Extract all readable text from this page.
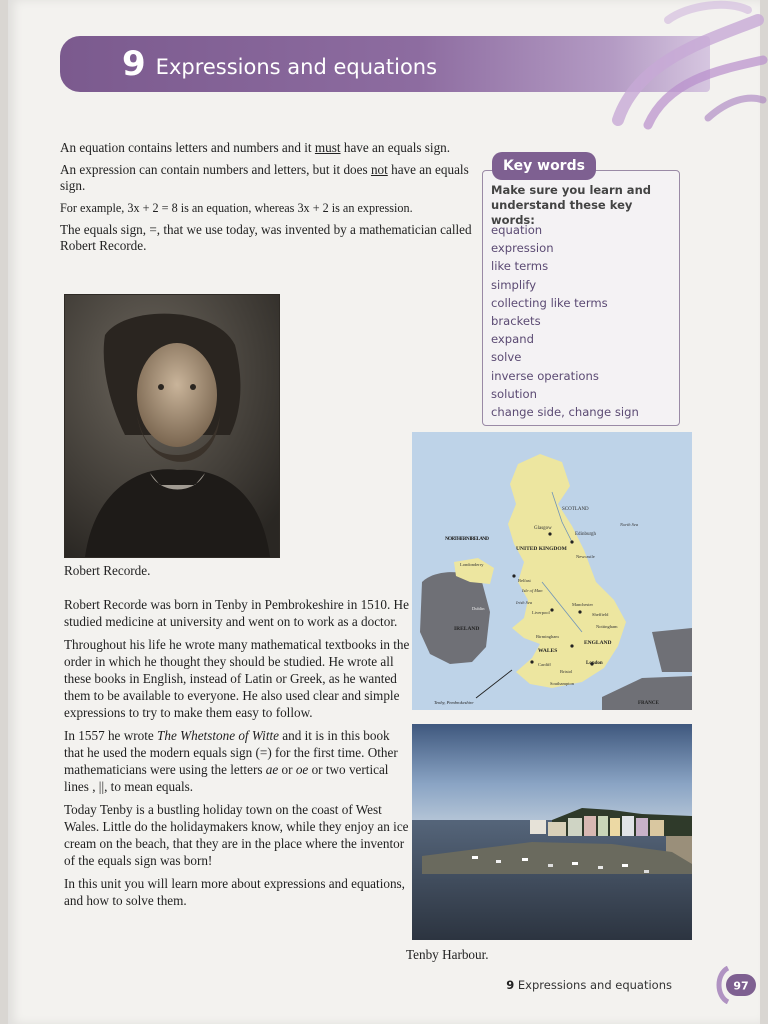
9 Expressions and equations

An equation contains letters and numbers and it must have an equals sign.

An expression can contain numbers and letters, but it does not have an equals sign.

For example, 3x + 2 = 8 is an equation, whereas 3x + 2 is an expression.

The equals sign, =, that we use today, was invented by a mathematician called Robert Recorde.

Make sure you learn and understand these key words:
equation
expression
like terms
simplify
collecting like terms
brackets
expand
solve
inverse operations
solution
change side, change sign
Key words
Robert Recorde.

Robert Recorde was born in Tenby in Pembrokeshire in 1510. He studied medicine at university and went on to work as a doctor.

Throughout his life he wrote many mathematical textbooks in the order in which he thought they should be studied. He wrote all these books in English, instead of Latin or Greek, as he wanted them to be available to everyone. He also used clear and simple expressions to try to make them easy to follow.

In 1557 he wrote The Whetstone of Witte and it is in this book that he used the modern equals sign (=) for the first time. Other mathematicians were using the letters ae or oe or two vertical lines , ||, to mean equals.

Today Tenby is a bustling holiday town on the coast of West Wales. Little do the holidaymakers know, while they enjoy an ice cream on the beach, that they are in the place where the inventor of the equals sign was born!

In this unit you will learn more about expressions and equations, and how to solve them.

SCOTLAND
Edinburgh
Glasgow
Newcastle
North Sea
NORTHERN IRELAND
UNITED KINGDOM
Londonderry
Belfast
Isle of Man
Irish Sea
Dublin
IRELAND
Liverpool
Manchester
Sheffield
Nottingham
Birmingham
ENGLAND
WALES
Cardiff
Bristol
London
Southampton
Tenby, Pembrokeshire	FRANCE
Tenby Harbour.
9 Expressions and equations	97
